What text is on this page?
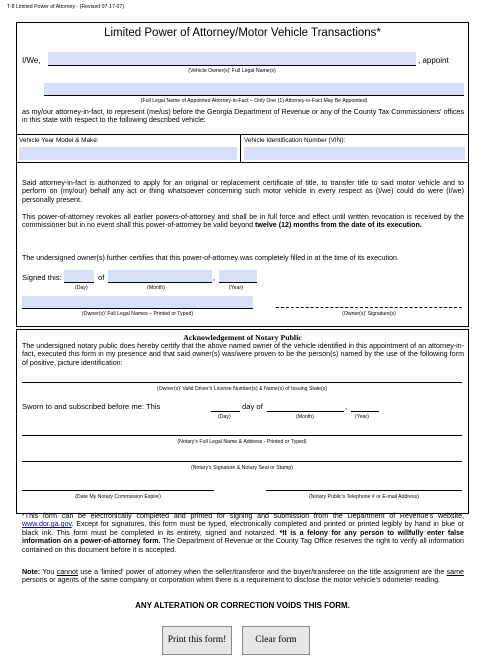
T-8 Limited Power of Attorney - (Revised 07-17-07)
Limited Power of Attorney/Motor Vehicle Transactions*
I/We,	, appoint
(Vehicle Owner(s)' Full Legal Name(s)
(Full Legal Name of Appointed Attorney-in-Fact – Only One (1) Attorney-in-Fact May Be Appointed)
as my/our attorney-in-fact, to represent (me/us) before the Georgia Department of Revenue or any of the County Tax Commissioners' offices in this state with respect to the following described vehicle:
Vehicle Year Model & Make:	Vehicle Identification Number (VIN):
Said attorney-in-fact is authorized to apply for an original or replacement certificate of title, to transfer title to said motor vehicle and to perform on (my/our) behalf any act or thing whatsoever concerning such motor vehicle in every respect as (I/we) could do were (I/we) personally present.
This power-of-attorney revokes all earlier powers-of-attorney and shall be in full force and effect until written revocation is received by the commissioner but in no event shall this power-of-attorney be valid beyond twelve (12) months from the date of its execution.
The undersigned owner(s) further certifies that this power-of-attorney was completely filled in at the time of its execution.
Signed this:	of	,
(Day)	(Month)	(Year)
(Owner(s)' Full Legal Names – Printed or Typed)	(Owner(s)' Signature(s)
Acknowledgement of Notary Public
The undersigned notary public does hereby certify that the above named owner of the vehicle identified in this appointment of an attorney-in-fact, executed this form in my presence and that said owner(s) was/were proven to be the person(s) named by the use of the following form of positive, picture identification:
(Owner(s)' Valid Driver's License Number(s) & Name(s) of Issuing State(s)
Sworn to and subscribed before me: This	day of	,
(Day)	(Month)	(Year)
(Notary's Full Legal Name & Address - Printed or Typed)
(Notary's Signature & Notary Seal or Stamp)
(Date My Notary Commission Expire)	(Notary Public's Telephone # or E-mail Address)
*This form can be electronically completed and printed for signing and submission from the Department of Revenue's website, www.dor.ga.gov. Except for signatures, this form must be typed, electronically completed and printed or printed legibly by hand in blue or black ink. This form must be completed in its entirety, signed and notarized. *It is a felony for any person to willfully enter false information on a power-of-attorney form. The Department of Revenue or the County Tag Office reserves the right to verify all information contained on this document before it is accepted.
Note: You cannot use a 'limited' power of attorney when the seller/transferor and the buyer/transferee on the title assignment are the same persons or agents of the same company or corporation when there is a requirement to disclose the motor vehicle's odometer reading.
ANY ALTERATION OR CORRECTION VOIDS THIS FORM.
Print this form!	Clear form
